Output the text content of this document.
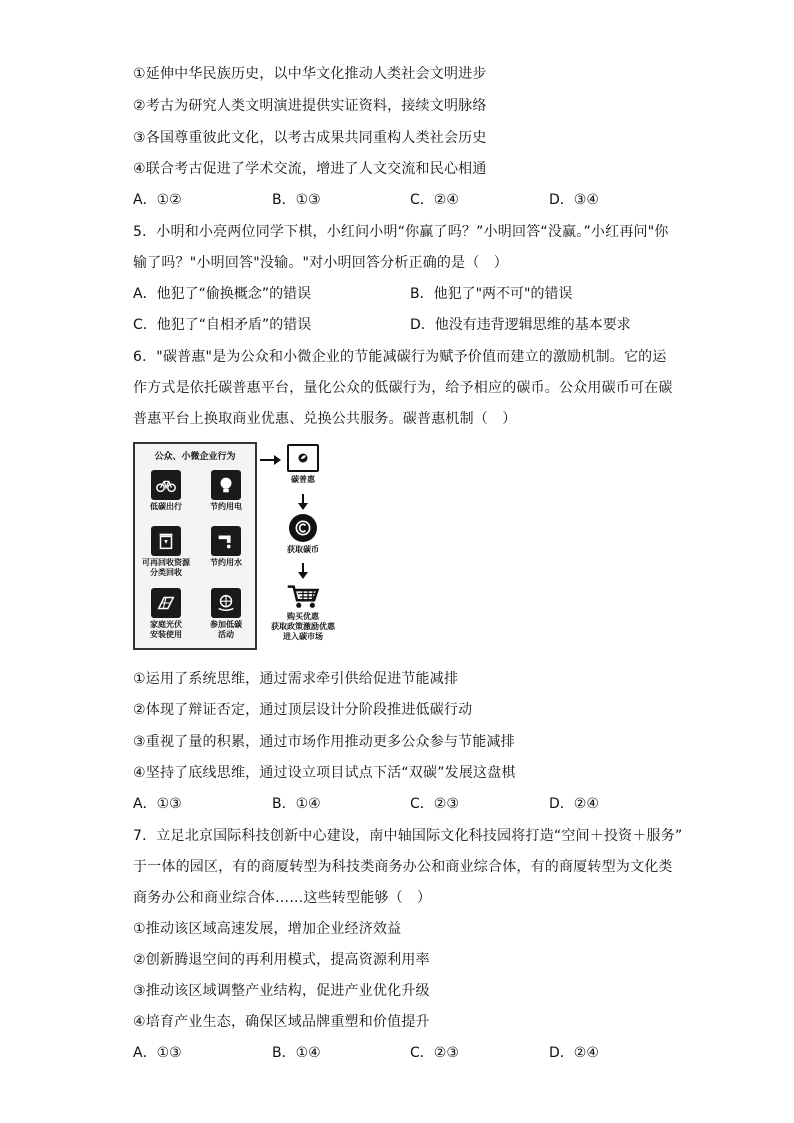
①延伸中华民族历史，以中华文化推动人类社会文明进步
②考古为研究人类文明演进提供实证资料，接续文明脉络
③各国尊重彼此文化，以考古成果共同重构人类社会历史
④联合考古促进了学术交流，增进了人文交流和民心相通
A．①②	B．①③	C．②④	D．③④
5．小明和小亮两位同学下棋，小红问小明“你赢了吗？”小明回答“没赢。”小红再问"你
输了吗？"小明回答"没输。"对小明回答分析正确的是（　）
A．他犯了“偷换概念”的错误	B．他犯了"两不可"的错误
C．他犯了“自相矛盾”的错误	D．他没有违背逻辑思维的基本要求
6．"碳普惠"是为公众和小微企业的节能减碳行为赋予价值而建立的激励机制。它的运
作方式是依托碳普惠平台，量化公众的低碳行为，给予相应的碳币。公众用碳币可在碳
普惠平台上换取商业优惠、兑换公共服务。碳普惠机制（　）
公众、小微企业行为
低碳出行	节约用电
可再回收资源
分类回收
节约用水
家庭光伏
安装使用
参加低碳
活动
碳普惠
获取碳币
购买优惠
获取政策激励优惠
进入碳市场
①运用了系统思维，通过需求牵引供给促进节能减排
②体现了辩证否定，通过顶层设计分阶段推进低碳行动
③重视了量的积累，通过市场作用推动更多公众参与节能减排
④坚持了底线思维，通过设立项目试点下活“双碳”发展这盘棋
A．①③	B．①④	C．②③	D．②④
7．立足北京国际科技创新中心建设，南中轴国际文化科技园将打造“空间＋投资＋服务”
于一体的园区，有的商厦转型为科技类商务办公和商业综合体，有的商厦转型为文化类
商务办公和商业综合体……这些转型能够（　）
①推动该区域高速发展，增加企业经济效益
②创新腾退空间的再利用模式，提高资源利用率
③推动该区域调整产业结构，促进产业优化升级
④培育产业生态，确保区域品牌重塑和价值提升
A．①③	B．①④	C．②③	D．②④
